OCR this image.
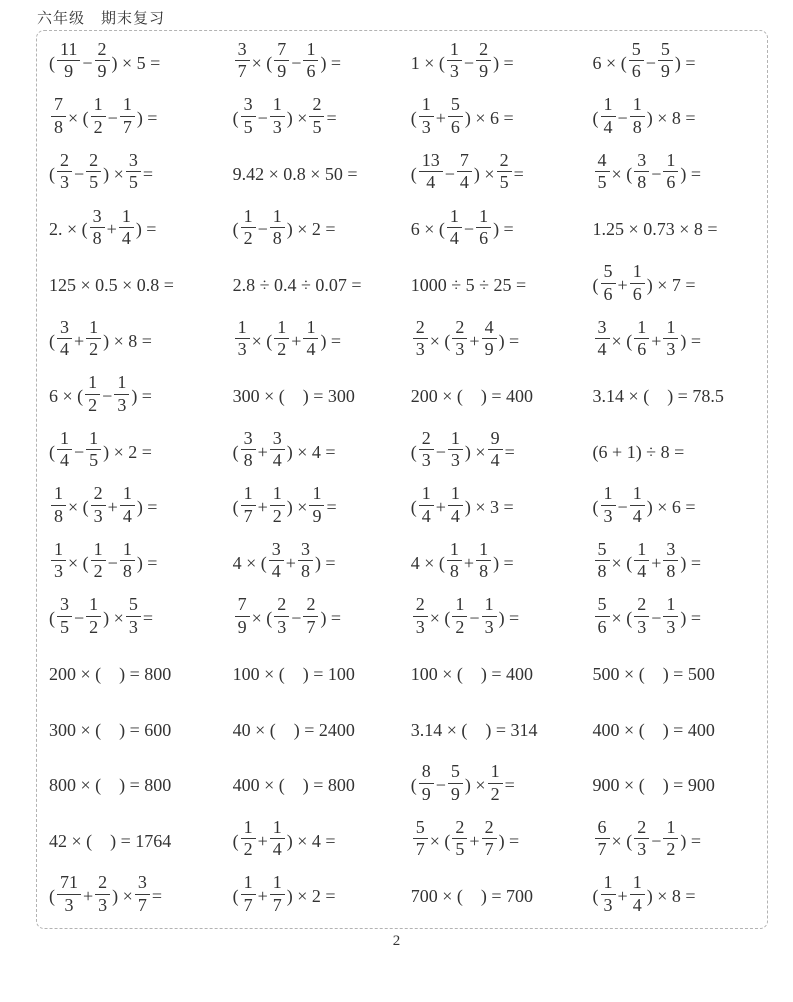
六年级　期末复习
( $\frac{11}{9} - \frac{2}{9}$ ) × 5 =	$\frac{3}{7}$ × ( $\frac{7}{9} - \frac{1}{6}$ ) =	1 × ( $\frac{1}{3} - \frac{2}{9}$ ) =	6 × ( $\frac{5}{6} - \frac{5}{9}$ ) =
$\frac{7}{8}$ × ( $\frac{1}{2} - \frac{1}{7}$ ) =	( $\frac{3}{5} - \frac{1}{3}$ ) × $\frac{2}{5}$ =	( $\frac{1}{3} + \frac{5}{6}$ ) × 6 =	( $\frac{1}{4} - \frac{1}{8}$ ) × 8 =
( $\frac{2}{3} - \frac{2}{5}$ ) × $\frac{3}{5}$ =	9.42 × 0.8 × 50 =	( $\frac{13}{4} - \frac{7}{4}$ ) × $\frac{2}{5}$ =	$\frac{4}{5}$ × ( $\frac{3}{8} - \frac{1}{6}$ ) =
2. × ( $\frac{3}{8} + \frac{1}{4}$ ) =	( $\frac{1}{2} - \frac{1}{8}$ ) × 2 =	6 × ( $\frac{1}{4} - \frac{1}{6}$ ) =	1.25 × 0.73 × 8 =
125 × 0.5 × 0.8 =	2.8 ÷ 0.4 ÷ 0.07 =	1000 ÷ 5 ÷ 25 =	( $\frac{5}{6} + \frac{1}{6}$ ) × 7 =
( $\frac{3}{4} + \frac{1}{2}$ ) × 8 =	$\frac{1}{3}$ × ( $\frac{1}{2} + \frac{1}{4}$ ) =	$\frac{2}{3}$ × ( $\frac{2}{3} + \frac{4}{9}$ ) =	$\frac{3}{4}$ × ( $\frac{1}{6} + \frac{1}{3}$ ) =
6 × ( $\frac{1}{2} - \frac{1}{3}$ ) =	300 × (　) = 300	200 × (　) = 400	3.14 × (　) = 78.5
( $\frac{1}{4} - \frac{1}{5}$ ) × 2 =	( $\frac{3}{8} + \frac{3}{4}$ ) × 4 =	( $\frac{2}{3} - \frac{1}{3}$ ) × $\frac{9}{4}$ =	(6 + 1) ÷ 8 =
$\frac{1}{8}$ × ( $\frac{2}{3} + \frac{1}{4}$ ) =	( $\frac{1}{7} + \frac{1}{2}$ ) × $\frac{1}{9}$ =	( $\frac{1}{4} + \frac{1}{4}$ ) × 3 =	( $\frac{1}{3} - \frac{1}{4}$ ) × 6 =
$\frac{1}{3}$ × ( $\frac{1}{2} - \frac{1}{8}$ ) =	4 × ( $\frac{3}{4} + \frac{3}{8}$ ) =	4 × ( $\frac{1}{8} + \frac{1}{8}$ ) =	$\frac{5}{8}$ × ( $\frac{1}{4} + \frac{3}{8}$ ) =
( $\frac{3}{5} - \frac{1}{2}$ ) × $\frac{5}{3}$ =	$\frac{7}{9}$ × ( $\frac{2}{3} - \frac{2}{7}$ ) =	$\frac{2}{3}$ × ( $\frac{1}{2} - \frac{1}{3}$ ) =	$\frac{5}{6}$ × ( $\frac{2}{3} - \frac{1}{3}$ ) =
200 × (　) = 800	100 × (　) = 100	100 × (　) = 400	500 × (　) = 500
300 × (　) = 600	40 × (　) = 2400	3.14 × (　) = 314	400 × (　) = 400
800 × (　) = 800	400 × (　) = 800	( $\frac{8}{9} - \frac{5}{9}$ ) × $\frac{1}{2}$ =	900 × (　) = 900
42 × (　) = 1764	( $\frac{1}{2} + \frac{1}{4}$ ) × 4 =	$\frac{5}{7}$ × ( $\frac{2}{5} + \frac{2}{7}$ ) =	$\frac{6}{7}$ × ( $\frac{2}{3} - \frac{1}{2}$ ) =
( $\frac{71}{3} + \frac{2}{3}$ ) × $\frac{3}{7}$ =	( $\frac{1}{7} + \frac{1}{7}$ ) × 2 =	700 × (　) = 700	( $\frac{1}{3} + \frac{1}{4}$ ) × 8 =
2
